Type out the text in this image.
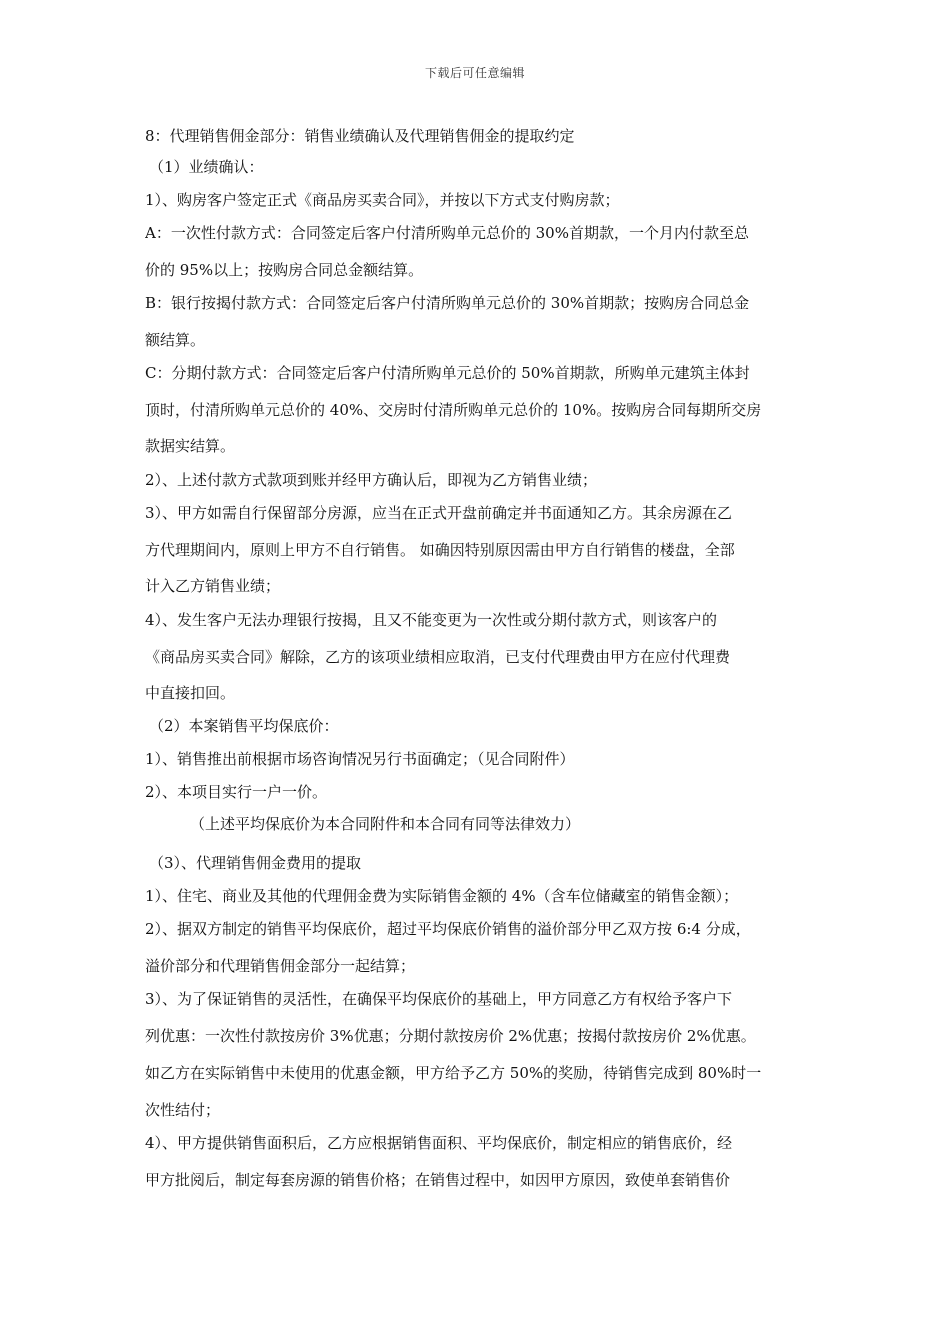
下载后可任意编辑
8：代理销售佣金部分：销售业绩确认及代理销售佣金的提取约定
（1）业绩确认：
1）、购房客户签定正式《商品房买卖合同》，并按以下方式支付购房款；
A：一次性付款方式：合同签定后客户付清所购单元总价的 30%首期款，一个月内付款至总
价的 95%以上；按购房合同总金额结算。
B：银行按揭付款方式：合同签定后客户付清所购单元总价的 30%首期款；按购房合同总金
额结算。
C：分期付款方式：合同签定后客户付清所购单元总价的 50%首期款，所购单元建筑主体封
顶时，付清所购单元总价的 40%、交房时付清所购单元总价的 10%。按购房合同每期所交房
款据实结算。
2）、上述付款方式款项到账并经甲方确认后，即视为乙方销售业绩；
3）、甲方如需自行保留部分房源，应当在正式开盘前确定并书面通知乙方。其余房源在乙
方代理期间内，原则上甲方不自行销售。 如确因特别原因需由甲方自行销售的楼盘，全部
计入乙方销售业绩；
4）、发生客户无法办理银行按揭，且又不能变更为一次性或分期付款方式，则该客户的
《商品房买卖合同》解除，乙方的该项业绩相应取消，已支付代理费由甲方在应付代理费
中直接扣回。
（2）本案销售平均保底价：
1）、销售推出前根据市场咨询情况另行书面确定；（见合同附件）
2）、本项目实行一户一价。
（上述平均保底价为本合同附件和本合同有同等法律效力）
（3）、代理销售佣金费用的提取
1）、住宅、商业及其他的代理佣金费为实际销售金额的 4%（含车位储藏室的销售金额）；
2）、据双方制定的销售平均保底价，超过平均保底价销售的溢价部分甲乙双方按 6:4 分成，
溢价部分和代理销售佣金部分一起结算；
3）、为了保证销售的灵活性，在确保平均保底价的基础上，甲方同意乙方有权给予客户下
列优惠：一次性付款按房价 3%优惠；分期付款按房价 2%优惠；按揭付款按房价 2%优惠。
如乙方在实际销售中未使用的优惠金额，甲方给予乙方 50%的奖励，待销售完成到 80%时一
次性结付；
4）、甲方提供销售面积后，乙方应根据销售面积、平均保底价，制定相应的销售底价，经
甲方批阅后，制定每套房源的销售价格；在销售过程中，如因甲方原因，致使单套销售价
